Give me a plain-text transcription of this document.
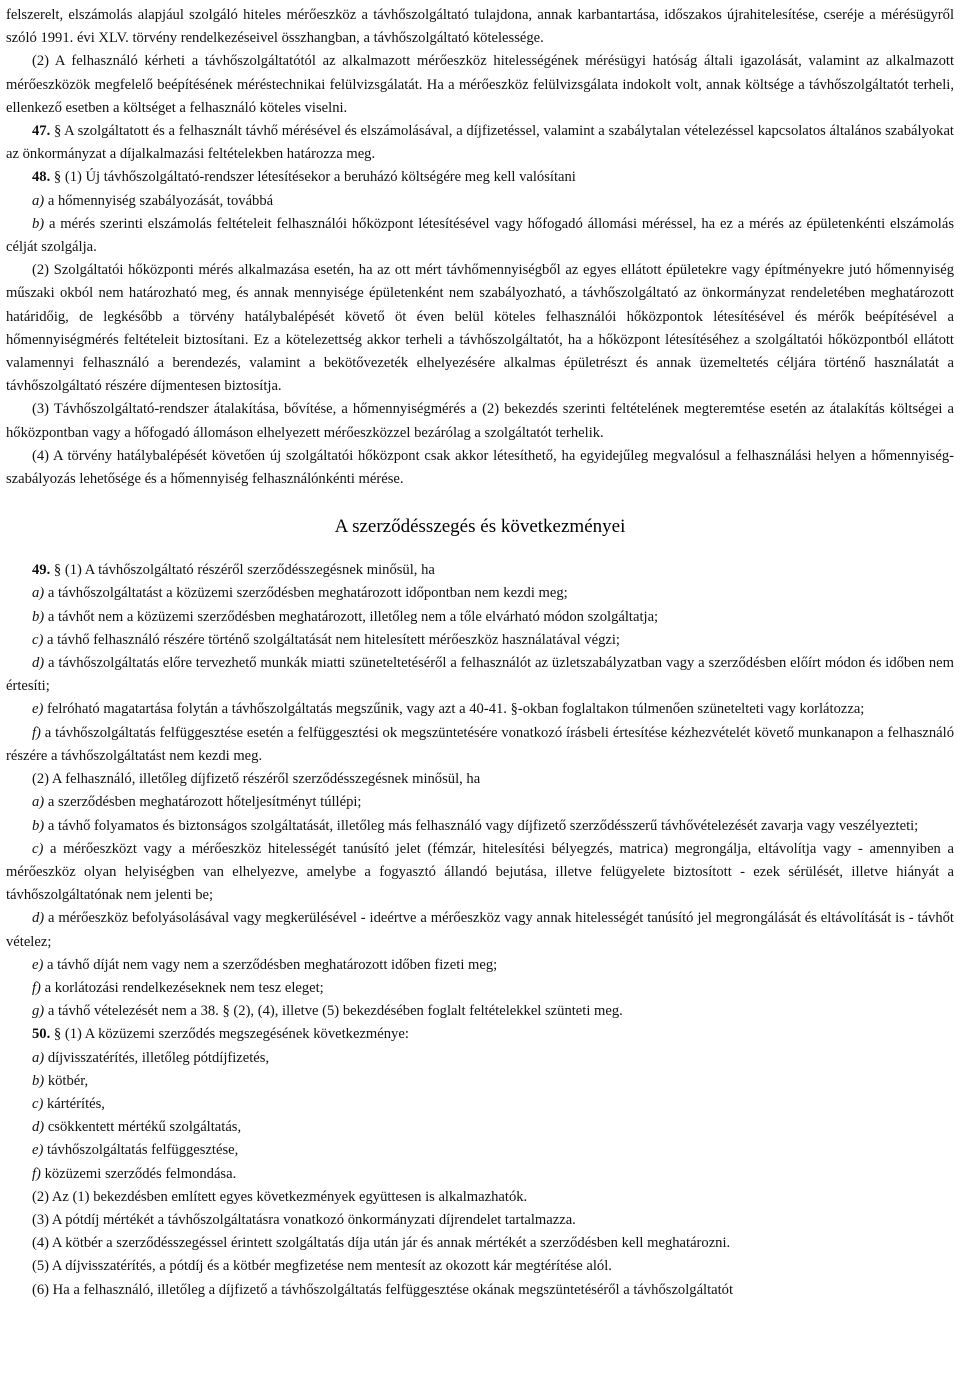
felszerelt, elszámolás alapjául szolgáló hiteles mérőeszköz a távhőszolgáltató tulajdona, annak karbantartása, időszakos újrahitelesítése, cseréje a mérésügyről szóló 1991. évi XLV. törvény rendelkezéseivel összhangban, a távhőszolgáltató kötelessége.

(2) A felhasználó kérheti a távhőszolgáltatótól az alkalmazott mérőeszköz hitelességének mérésügyi hatóság általi igazolását, valamint az alkalmazott mérőeszközök megfelelő beépítésének méréstechnikai felülvizsgálatát. Ha a mérőeszköz felülvizsgálata indokolt volt, annak költsége a távhőszolgáltatót terheli, ellenkező esetben a költséget a felhasználó köteles viselni.

47. § A szolgáltatott és a felhasznált távhő mérésével és elszámolásával, a díjfizetéssel, valamint a szabálytalan vételezéssel kapcsolatos általános szabályokat az önkormányzat a díjalkalmazási feltételekben határozza meg.

48. § (1) Új távhőszolgáltató-rendszer létesítésekor a beruházó költségére meg kell valósítani

a) a hőmennyiség szabályozását, továbbá

b) a mérés szerinti elszámolás feltételeit felhasználói hőközpont létesítésével vagy hőfogadó állomási méréssel, ha ez a mérés az épületenkénti elszámolás célját szolgálja.

(2) Szolgáltatói hőközponti mérés alkalmazása esetén, ha az ott mért távhőmennyiségből az egyes ellátott épületekre vagy építményekre jutó hőmennyiség műszaki okból nem határozható meg, és annak mennyisége épületenként nem szabályozható, a távhőszolgáltató az önkormányzat rendeletében meghatározott határidőig, de legkésőbb a törvény hatálybalépését követő öt éven belül köteles felhasználói hőközpontok létesítésével és mérők beépítésével a hőmennyiségmérés feltételeit biztosítani. Ez a kötelezettség akkor terheli a távhőszolgáltatót, ha a hőközpont létesítéséhez a szolgáltatói hőközpontból ellátott valamennyi felhasználó a berendezés, valamint a bekötővezeték elhelyezésére alkalmas épületrészt és annak üzemeltetés céljára történő használatát a távhőszolgáltató részére díjmentesen biztosítja.

(3) Távhőszolgáltató-rendszer átalakítása, bővítése, a hőmennyiségmérés a (2) bekezdés szerinti feltételének megteremtése esetén az átalakítás költségei a hőközpontban vagy a hőfogadó állomáson elhelyezett mérőeszközzel bezárólag a szolgáltatót terhelik.

(4) A törvény hatálybalépését követően új szolgáltatói hőközpont csak akkor létesíthető, ha egyidejűleg megvalósul a felhasználási helyen a hőmennyiség-szabályozás lehetősége és a hőmennyiség felhasználónkénti mérése.

A szerződésszegés és következményei

49. § (1) A távhőszolgáltató részéről szerződésszegésnek minősül, ha

a) a távhőszolgáltatást a közüzemi szerződésben meghatározott időpontban nem kezdi meg;

b) a távhőt nem a közüzemi szerződésben meghatározott, illetőleg nem a tőle elvárható módon szolgáltatja;

c) a távhő felhasználó részére történő szolgáltatását nem hitelesített mérőeszköz használatával végzi;

d) a távhőszolgáltatás előre tervezhető munkák miatti szüneteltetéséről a felhasználót az üzletszabályzatban vagy a szerződésben előírt módon és időben nem értesíti;

e) felróható magatartása folytán a távhőszolgáltatás megszűnik, vagy azt a 40-41. §-okban foglaltakon túlmenően szünetelteti vagy korlátozza;

f) a távhőszolgáltatás felfüggesztése esetén a felfüggesztési ok megszüntetésére vonatkozó írásbeli értesítése kézhezvételét követő munkanapon a felhasználó részére a távhőszolgáltatást nem kezdi meg.

(2) A felhasználó, illetőleg díjfizető részéről szerződésszegésnek minősül, ha

a) a szerződésben meghatározott hőteljesítményt túllépi;

b) a távhő folyamatos és biztonságos szolgáltatását, illetőleg más felhasználó vagy díjfizető szerződésszerű távhővételezését zavarja vagy veszélyezteti;

c) a mérőeszközt vagy a mérőeszköz hitelességét tanúsító jelet (fémzár, hitelesítési bélyegzés, matrica) megrongálja, eltávolítja vagy - amennyiben a mérőeszköz olyan helyiségben van elhelyezve, amelybe a fogyasztó állandó bejutása, illetve felügyelete biztosított - ezek sérülését, illetve hiányát a távhőszolgáltatónak nem jelenti be;

d) a mérőeszköz befolyásolásával vagy megkerülésével - ideértve a mérőeszköz vagy annak hitelességét tanúsító jel megrongálását és eltávolítását is - távhőt vételez;

e) a távhő díját nem vagy nem a szerződésben meghatározott időben fizeti meg;

f) a korlátozási rendelkezéseknek nem tesz eleget;

g) a távhő vételezését nem a 38. § (2), (4), illetve (5) bekezdésében foglalt feltételekkel szünteti meg.

50. § (1) A közüzemi szerződés megszegésének következménye:

a) díjvisszatérítés, illetőleg pótdíjfizetés,

b) kötbér,

c) kártérítés,

d) csökkentett mértékű szolgáltatás,

e) távhőszolgáltatás felfüggesztése,

f) közüzemi szerződés felmondása.

(2) Az (1) bekezdésben említett egyes következmények együttesen is alkalmazhatók.

(3) A pótdíj mértékét a távhőszolgáltatásra vonatkozó önkormányzati díjrendelet tartalmazza.

(4) A kötbér a szerződésszegéssel érintett szolgáltatás díja után jár és annak mértékét a szerződésben kell meghatározni.

(5) A díjvisszatérítés, a pótdíj és a kötbér megfizetése nem mentesít az okozott kár megtérítése alól.

(6) Ha a felhasználó, illetőleg a díjfizető a távhőszolgáltatás felfüggesztése okának megszüntetéséről a távhőszolgáltatót
